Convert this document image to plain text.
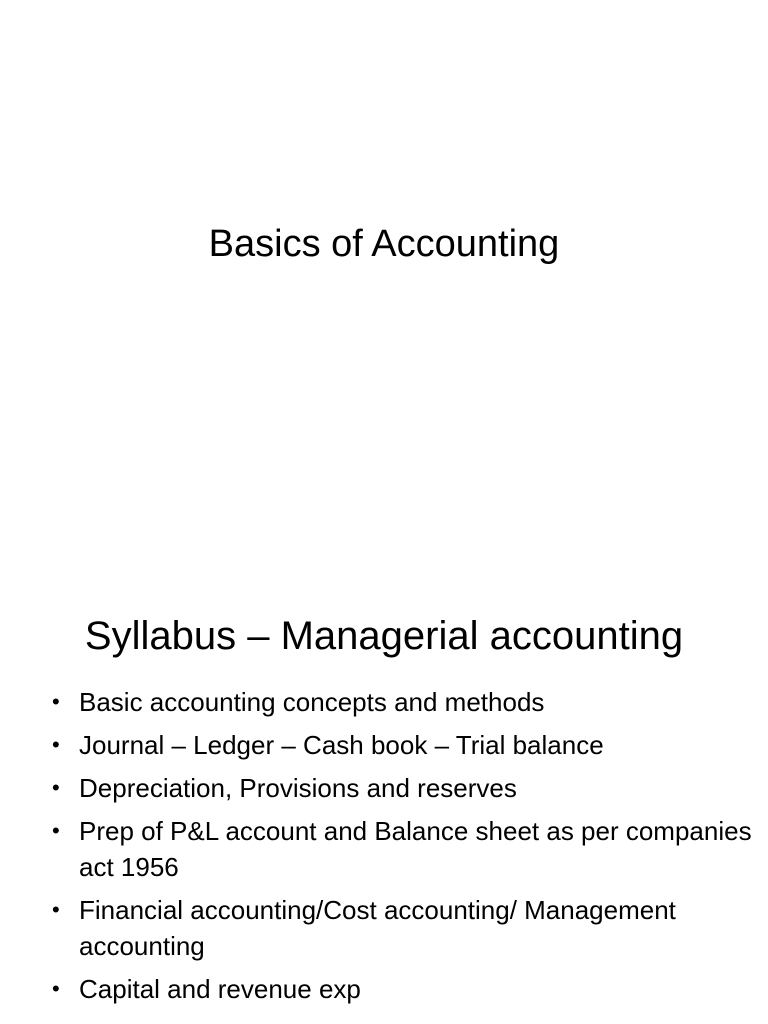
Basics of Accounting
Syllabus – Managerial accounting
• Basic accounting concepts and methods
• Journal – Ledger – Cash book – Trial balance
• Depreciation, Provisions and reserves
• Prep of P&L account and Balance sheet as per companies act 1956
• Financial accounting/Cost accounting/ Management accounting
• Capital and revenue exp
